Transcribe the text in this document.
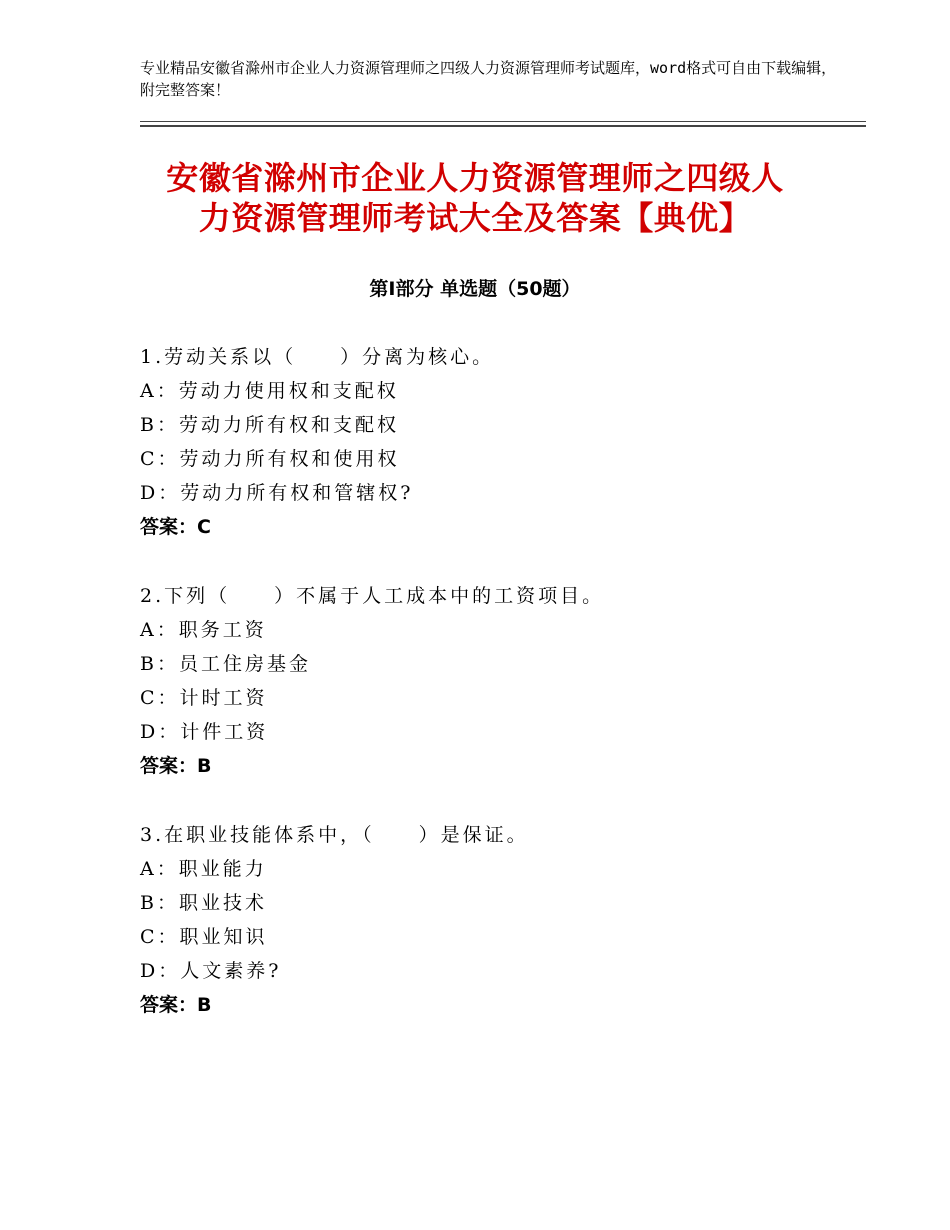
专业精品安徽省滁州市企业人力资源管理师之四级人力资源管理师考试题库，word格式可自由下载编辑，附完整答案！
安徽省滁州市企业人力资源管理师之四级人
力资源管理师考试大全及答案【典优】
第Ⅰ部分 单选题（50题）
1.劳动关系以（　　）分离为核心。
A：劳动力使用权和支配权
B：劳动力所有权和支配权
C：劳动力所有权和使用权
D：劳动力所有权和管辖权?
答案：C
2.下列（　　）不属于人工成本中的工资项目。
A：职务工资
B：员工住房基金
C：计时工资
D：计件工资
答案：B
3.在职业技能体系中，（　　）是保证。
A：职业能力
B：职业技术
C：职业知识
D：人文素养?
答案：B
